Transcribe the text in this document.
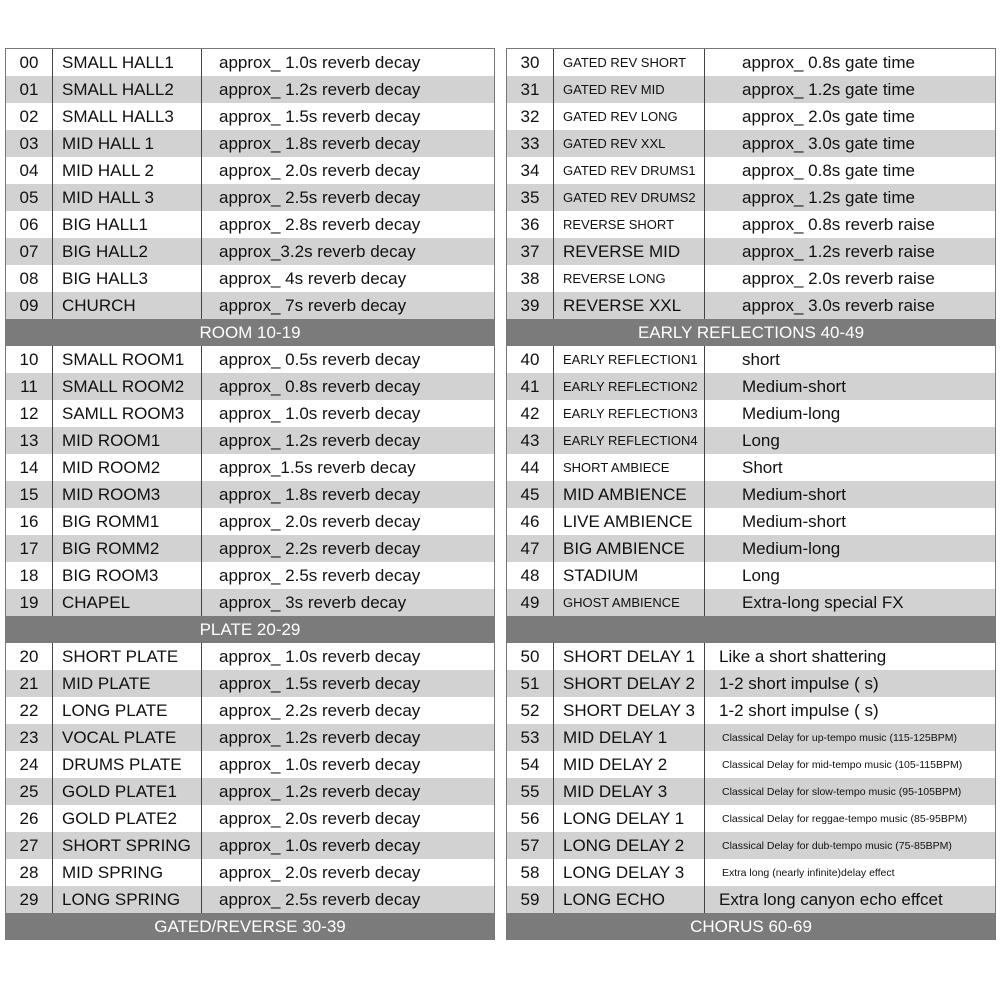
00	SMALL HALL1	approx_ 1.0s reverb decay
01	SMALL HALL2	approx_ 1.2s reverb decay
02	SMALL HALL3	approx_ 1.5s reverb decay
03	MID HALL 1	approx_ 1.8s reverb decay
04	MID HALL 2	approx_ 2.0s reverb decay
05	MID HALL 3	approx_ 2.5s reverb decay
06	BIG HALL1	approx_ 2.8s reverb decay
07	BIG HALL2	approx_3.2s reverb decay
08	BIG HALL3	approx_ 4s reverb decay
09	CHURCH	approx_ 7s reverb decay
ROOM 10-19
10	SMALL ROOM1	approx_ 0.5s reverb decay
11	SMALL ROOM2	approx_ 0.8s reverb decay
12	SAMLL ROOM3	approx_ 1.0s reverb decay
13	MID ROOM1	approx_ 1.2s reverb decay
14	MID ROOM2	approx_1.5s reverb decay
15	MID ROOM3	approx_ 1.8s reverb decay
16	BIG ROMM1	approx_ 2.0s reverb decay
17	BIG ROMM2	approx_ 2.2s reverb decay
18	BIG ROOM3	approx_ 2.5s reverb decay
19	CHAPEL	approx_ 3s reverb decay
PLATE 20-29
20	SHORT PLATE	approx_ 1.0s reverb decay
21	MID PLATE	approx_ 1.5s reverb decay
22	LONG PLATE	approx_ 2.2s reverb decay
23	VOCAL PLATE	approx_ 1.2s reverb decay
24	DRUMS PLATE	approx_ 1.0s reverb decay
25	GOLD PLATE1	approx_ 1.2s reverb decay
26	GOLD PLATE2	approx_ 2.0s reverb decay
27	SHORT SPRING	approx_ 1.0s reverb decay
28	MID SPRING	approx_ 2.0s reverb decay
29	LONG SPRING	approx_ 2.5s reverb decay
GATED/REVERSE 30-39
30	GATED REV SHORT	approx_ 0.8s gate time
31	GATED REV MID	approx_ 1.2s gate time
32	GATED REV LONG	approx_ 2.0s gate time
33	GATED REV XXL	approx_ 3.0s gate time
34	GATED REV DRUMS1	approx_ 0.8s gate time
35	GATED REV DRUMS2	approx_ 1.2s gate time
36	REVERSE SHORT	approx_ 0.8s reverb raise
37	REVERSE MID	approx_ 1.2s reverb raise
38	REVERSE LONG	approx_ 2.0s reverb raise
39	REVERSE XXL	approx_ 3.0s reverb raise
EARLY REFLECTIONS 40-49
40	EARLY REFLECTION1	short
41	EARLY REFLECTION2	Medium-short
42	EARLY REFLECTION3	Medium-long
43	EARLY REFLECTION4	Long
44	SHORT AMBIECE	Short
45	MID AMBIENCE	Medium-short
46	LIVE AMBIENCE	Medium-short
47	BIG AMBIENCE	Medium-long
48	STADIUM	Long
49	GHOST AMBIENCE	Extra-long special FX
50	SHORT DELAY 1	Like a short shattering
51	SHORT DELAY 2	1-2 short impulse ( s)
52	SHORT DELAY 3	1-2 short impulse ( s)
53	MID DELAY 1	Classical Delay for up-tempo music (115-125BPM)
54	MID DELAY 2	Classical Delay for mid-tempo music (105-115BPM)
55	MID DELAY 3	Classical Delay for slow-tempo music (95-105BPM)
56	LONG DELAY 1	Classical Delay for reggae-tempo music (85-95BPM)
57	LONG DELAY 2	Classical Delay for dub-tempo music (75-85BPM)
58	LONG DELAY 3	Extra long (nearly infinite)delay effect
59	LONG ECHO	Extra long canyon echo effcet
CHORUS 60-69
